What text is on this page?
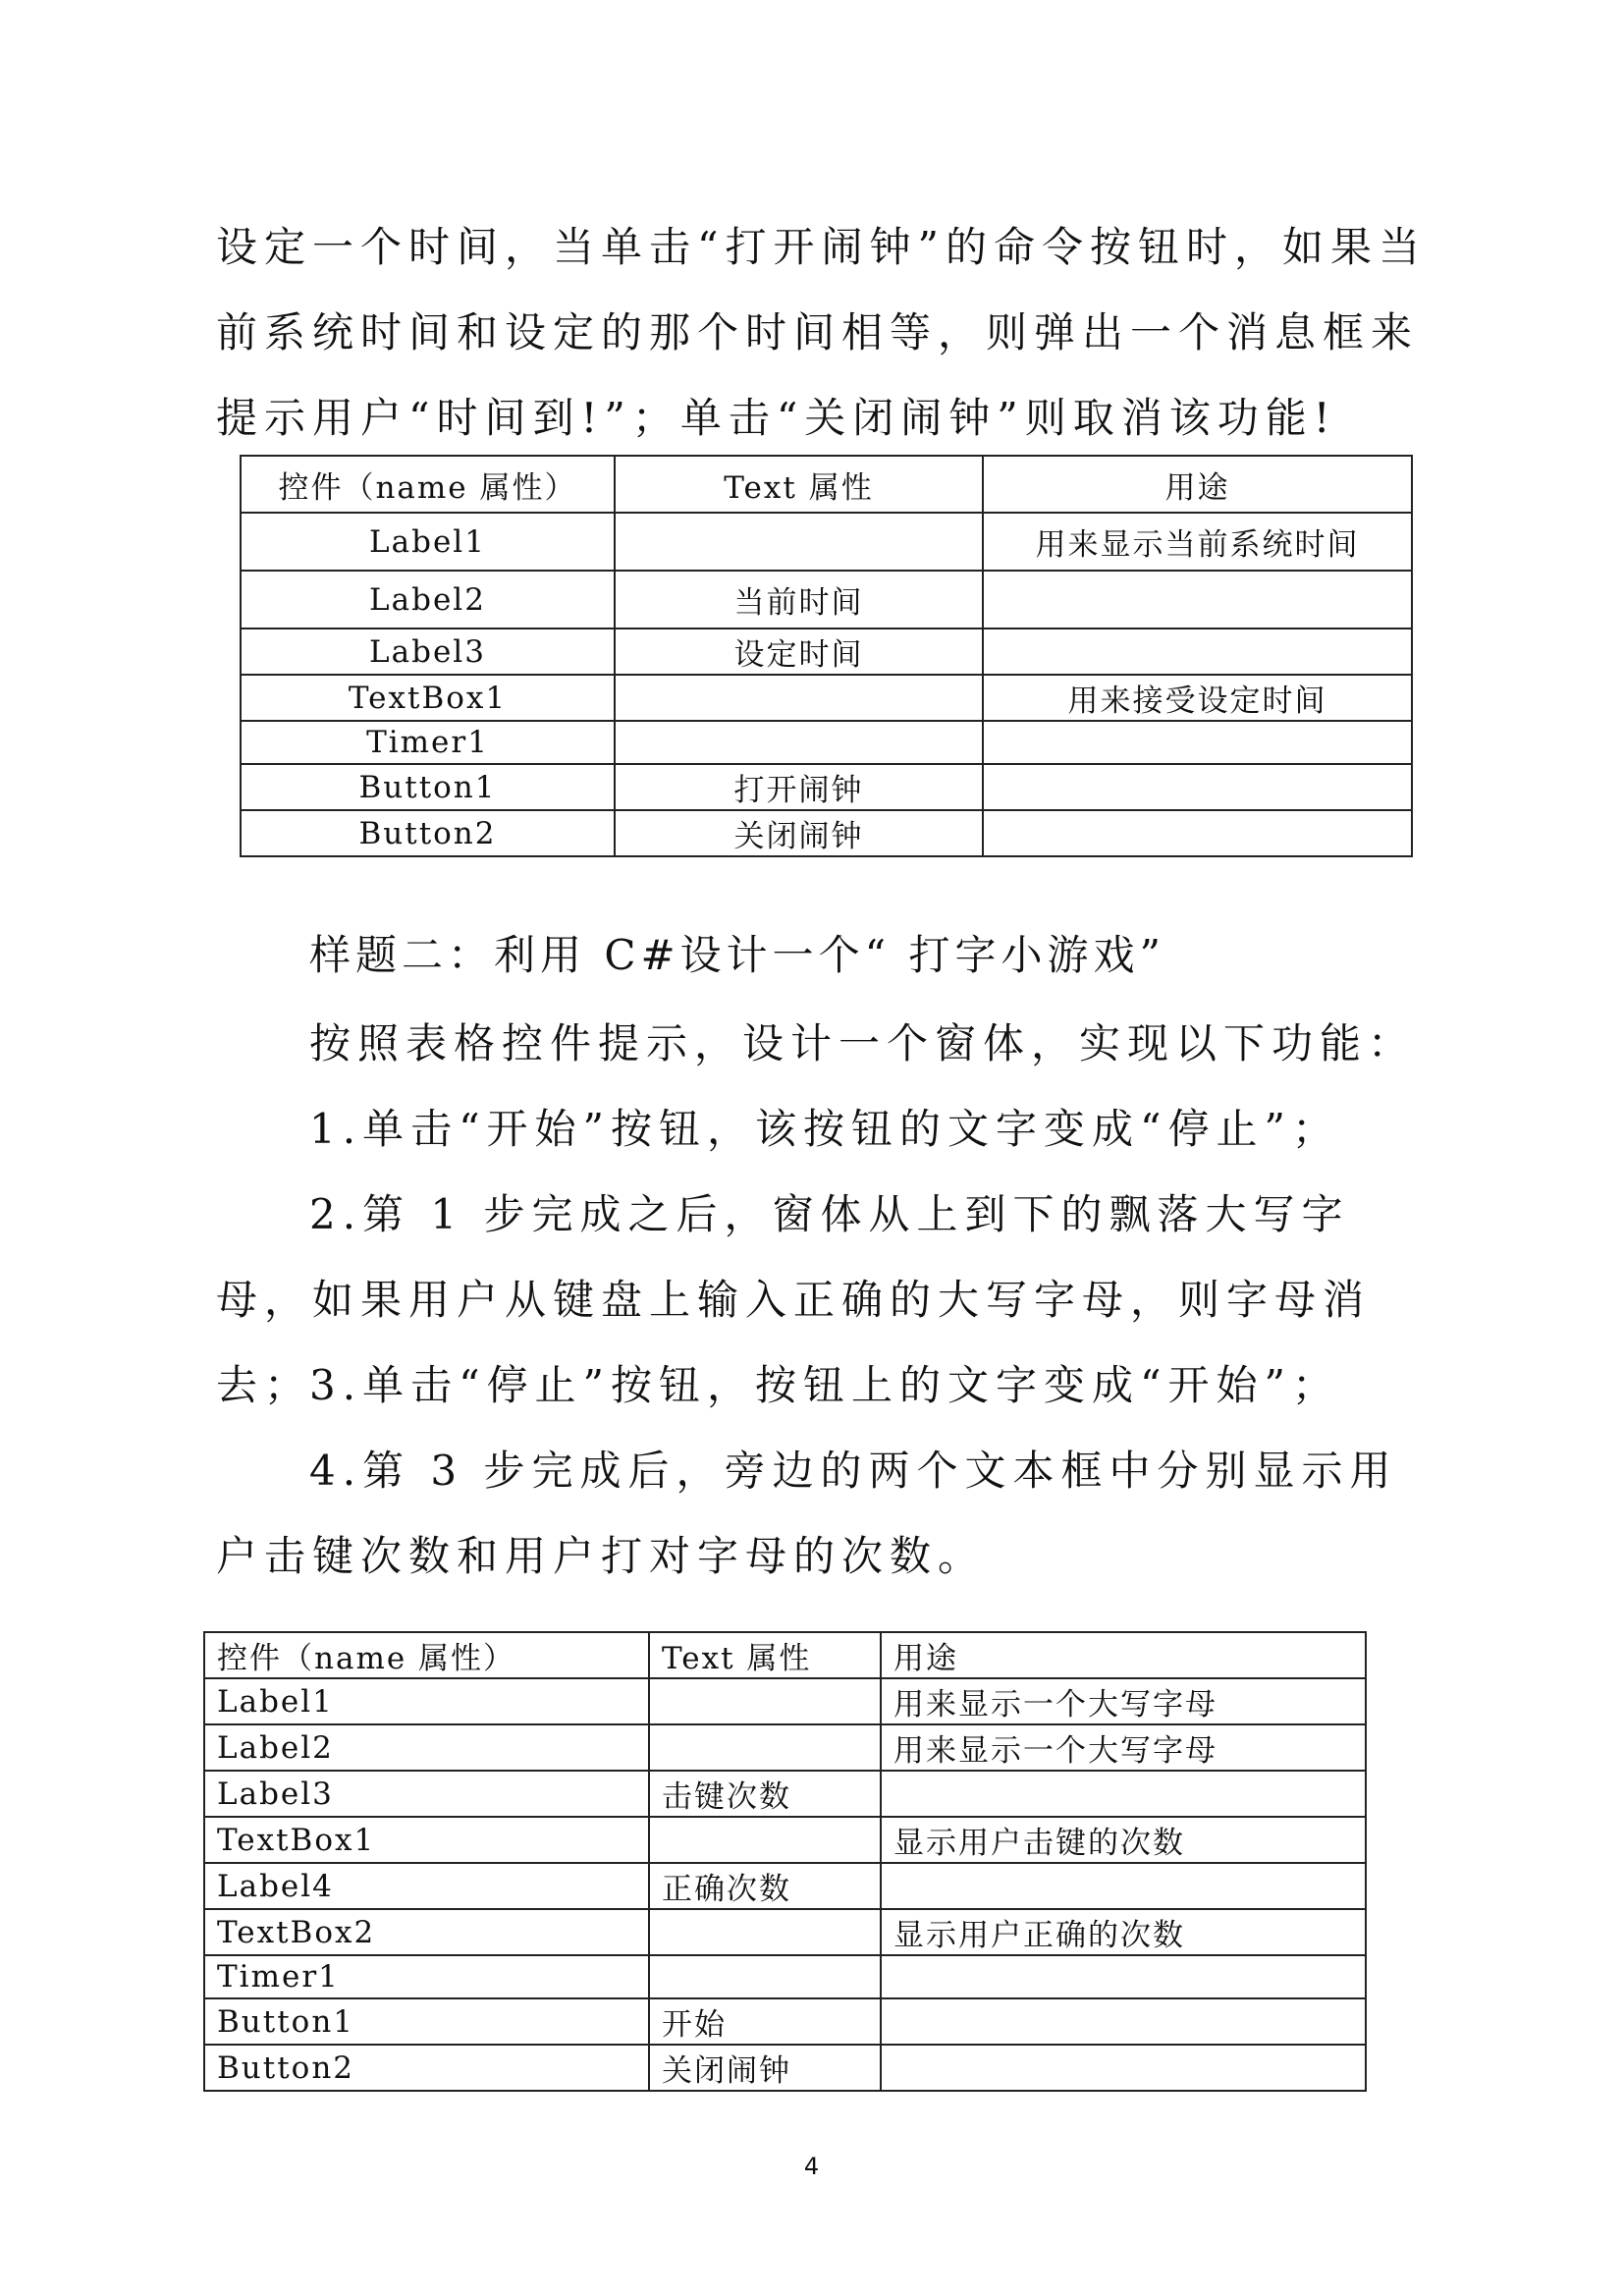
设定一个时间，当单击“打开闹钟”的命令按钮时，如果当前系统时间和设定的那个时间相等，则弹出一个消息框来提示用户“时间到!”；单击“关闭闹钟”则取消该功能!

控件（name 属性）	Text 属性	用途
Label1		用来显示当前系统时间
Label2	当前时间	
Label3	设定时间	
TextBox1		用来接受设定时间
Timer1		
Button1	打开闹钟	
Button2	关闭闹钟	

样题二：利用 C#设计一个“ 打字小游戏”

按照表格控件提示，设计一个窗体，实现以下功能：

1.单击“开始”按钮，该按钮的文字变成“停止”；

2.第 1 步完成之后，窗体从上到下的飘落大写字母，如果用户从键盘上输入正确的大写字母，则字母消去；

3.单击“停止”按钮，按钮上的文字变成“开始”；

4.第 3 步完成后，旁边的两个文本框中分别显示用户击键次数和用户打对字母的次数。

控件（name 属性）	Text 属性	用途
Label1		用来显示一个大写字母
Label2		用来显示一个大写字母
Label3	击键次数	
TextBox1		显示用户击键的次数
Label4	正确次数	
TextBox2		显示用户正确的次数
Timer1		
Button1	开始	
Button2	关闭闹钟	
4
